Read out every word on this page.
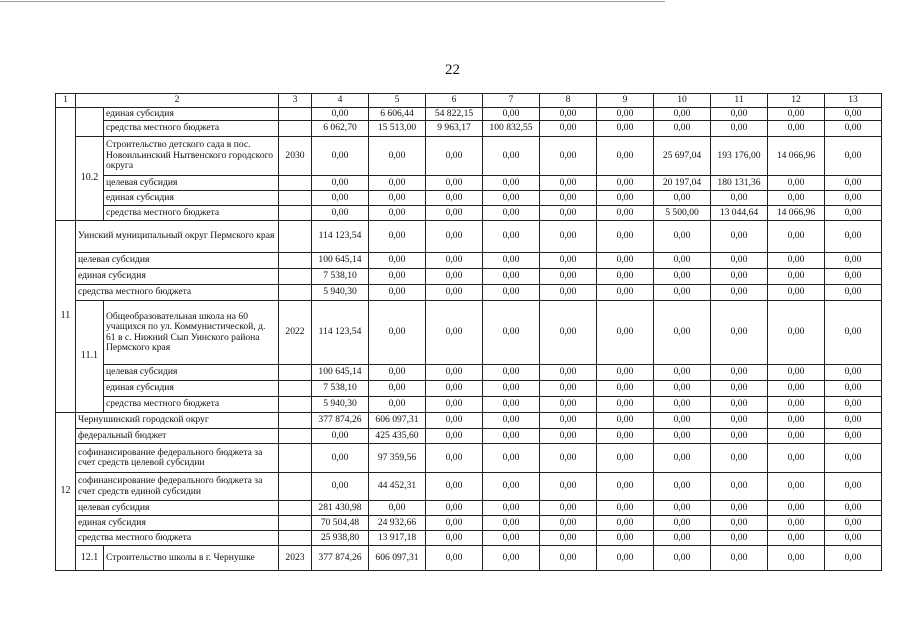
22
1	2		3	4	5	6	7	8	9	10	11	12	13
		единая субсидия		0,00	6 606,44	54 822,15	0,00	0,00	0,00	0,00	0,00	0,00	0,00
		средства местного бюджета		6 062,70	15 513,00	9 963,17	100 832,55	0,00	0,00	0,00	0,00	0,00	0,00
	10.2	Строительство детского сада в пос. Новоильинский Нытвенского городского округа	2030	0,00	0,00	0,00	0,00	0,00	0,00	25 697,04	193 176,00	14 066,96	0,00
		целевая субсидия		0,00	0,00	0,00	0,00	0,00	0,00	20 197,04	180 131,36	0,00	0,00
		единая субсидия		0,00	0,00	0,00	0,00	0,00	0,00	0,00	0,00	0,00	0,00
		средства местного бюджета		0,00	0,00	0,00	0,00	0,00	0,00	5 500,00	13 044,64	14 066,96	0,00
11	Уинский муниципальный округ Пермского края			114 123,54	0,00	0,00	0,00	0,00	0,00	0,00	0,00	0,00	0,00
	целевая субсидия			100 645,14	0,00	0,00	0,00	0,00	0,00	0,00	0,00	0,00	0,00
	единая субсидия			7 538,10	0,00	0,00	0,00	0,00	0,00	0,00	0,00	0,00	0,00
	средства местного бюджета			5 940,30	0,00	0,00	0,00	0,00	0,00	0,00	0,00	0,00	0,00
	11.1	Общеобразовательная школа на 60 учащихся по ул. Коммунистической, д. 61 в с. Нижний Сып Уинского района Пермского края	2022	114 123,54	0,00	0,00	0,00	0,00	0,00	0,00	0,00	0,00	0,00
		целевая субсидия		100 645,14	0,00	0,00	0,00	0,00	0,00	0,00	0,00	0,00	0,00
		единая субсидия		7 538,10	0,00	0,00	0,00	0,00	0,00	0,00	0,00	0,00	0,00
		средства местного бюджета		5 940,30	0,00	0,00	0,00	0,00	0,00	0,00	0,00	0,00	0,00
12	Чернушинский городской округ			377 874,26	606 097,31	0,00	0,00	0,00	0,00	0,00	0,00	0,00	0,00
	федеральный бюджет			0,00	425 435,60	0,00	0,00	0,00	0,00	0,00	0,00	0,00	0,00
	софинансирование федерального бюджета за счет средств целевой субсидии			0,00	97 359,56	0,00	0,00	0,00	0,00	0,00	0,00	0,00	0,00
	софинансирование федерального бюджета за счет средств единой субсидии			0,00	44 452,31	0,00	0,00	0,00	0,00	0,00	0,00	0,00	0,00
	целевая субсидия			281 430,98	0,00	0,00	0,00	0,00	0,00	0,00	0,00	0,00	0,00
	единая субсидия			70 504,48	24 932,66	0,00	0,00	0,00	0,00	0,00	0,00	0,00	0,00
	средства местного бюджета			25 938,80	13 917,18	0,00	0,00	0,00	0,00	0,00	0,00	0,00	0,00
	12.1	Строительство школы в г. Чернушке	2023	377 874,26	606 097,31	0,00	0,00	0,00	0,00	0,00	0,00	0,00	0,00
